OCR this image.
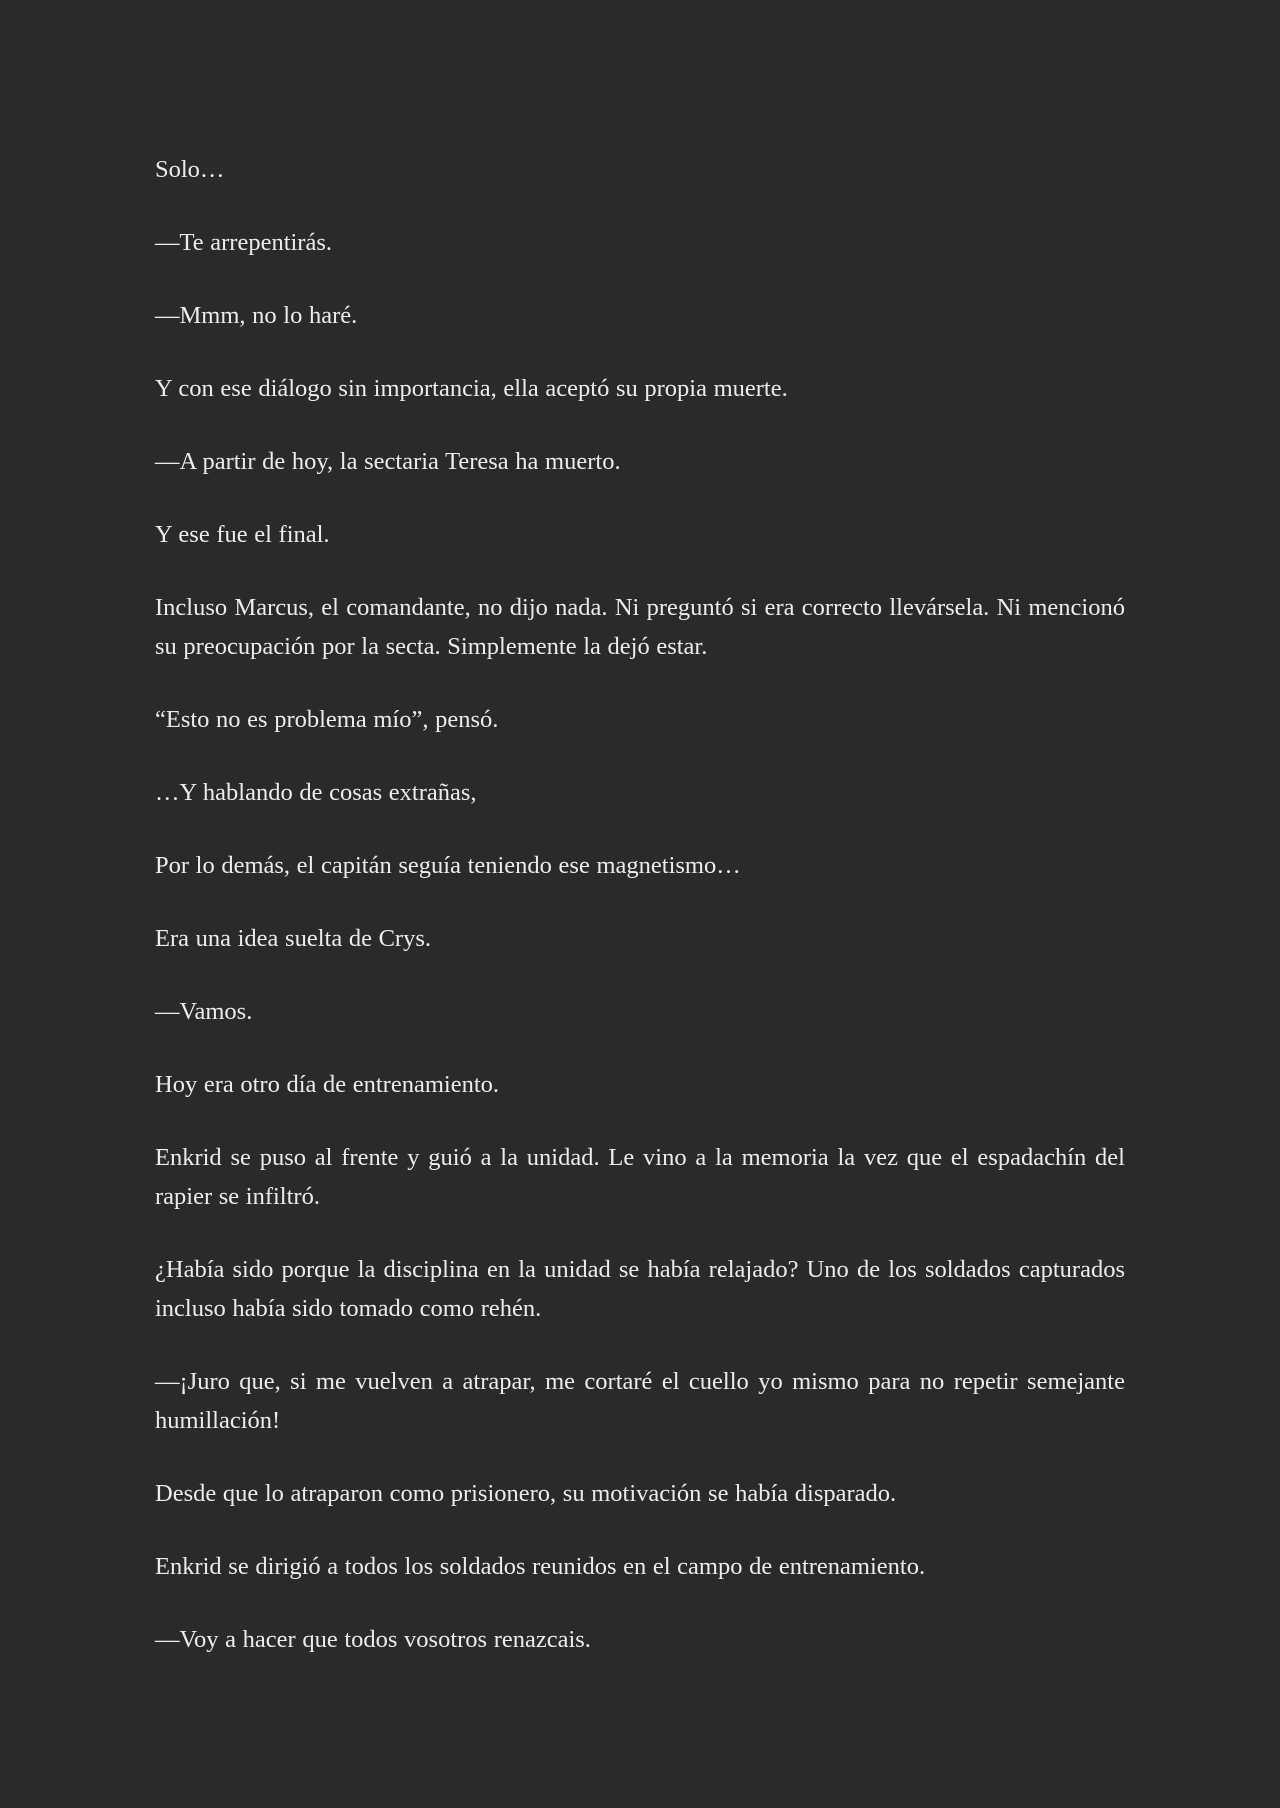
Solo…

—Te arrepentirás.

—Mmm, no lo haré.

Y con ese diálogo sin importancia, ella aceptó su propia muerte.

—A partir de hoy, la sectaria Teresa ha muerto.

Y ese fue el final.

Incluso Marcus, el comandante, no dijo nada. Ni preguntó si era correcto llevársela. Ni mencionó su preocupación por la secta. Simplemente la dejó estar.

“Esto no es problema mío”, pensó.

…Y hablando de cosas extrañas,

Por lo demás, el capitán seguía teniendo ese magnetismo…

Era una idea suelta de Crys.

—Vamos.

Hoy era otro día de entrenamiento.

Enkrid se puso al frente y guió a la unidad. Le vino a la memoria la vez que el espadachín del rapier se infiltró.

¿Había sido porque la disciplina en la unidad se había relajado? Uno de los soldados capturados incluso había sido tomado como rehén.

—¡Juro que, si me vuelven a atrapar, me cortaré el cuello yo mismo para no repetir semejante humillación!

Desde que lo atraparon como prisionero, su motivación se había disparado.

Enkrid se dirigió a todos los soldados reunidos en el campo de entrenamiento.

—Voy a hacer que todos vosotros renazcais.
